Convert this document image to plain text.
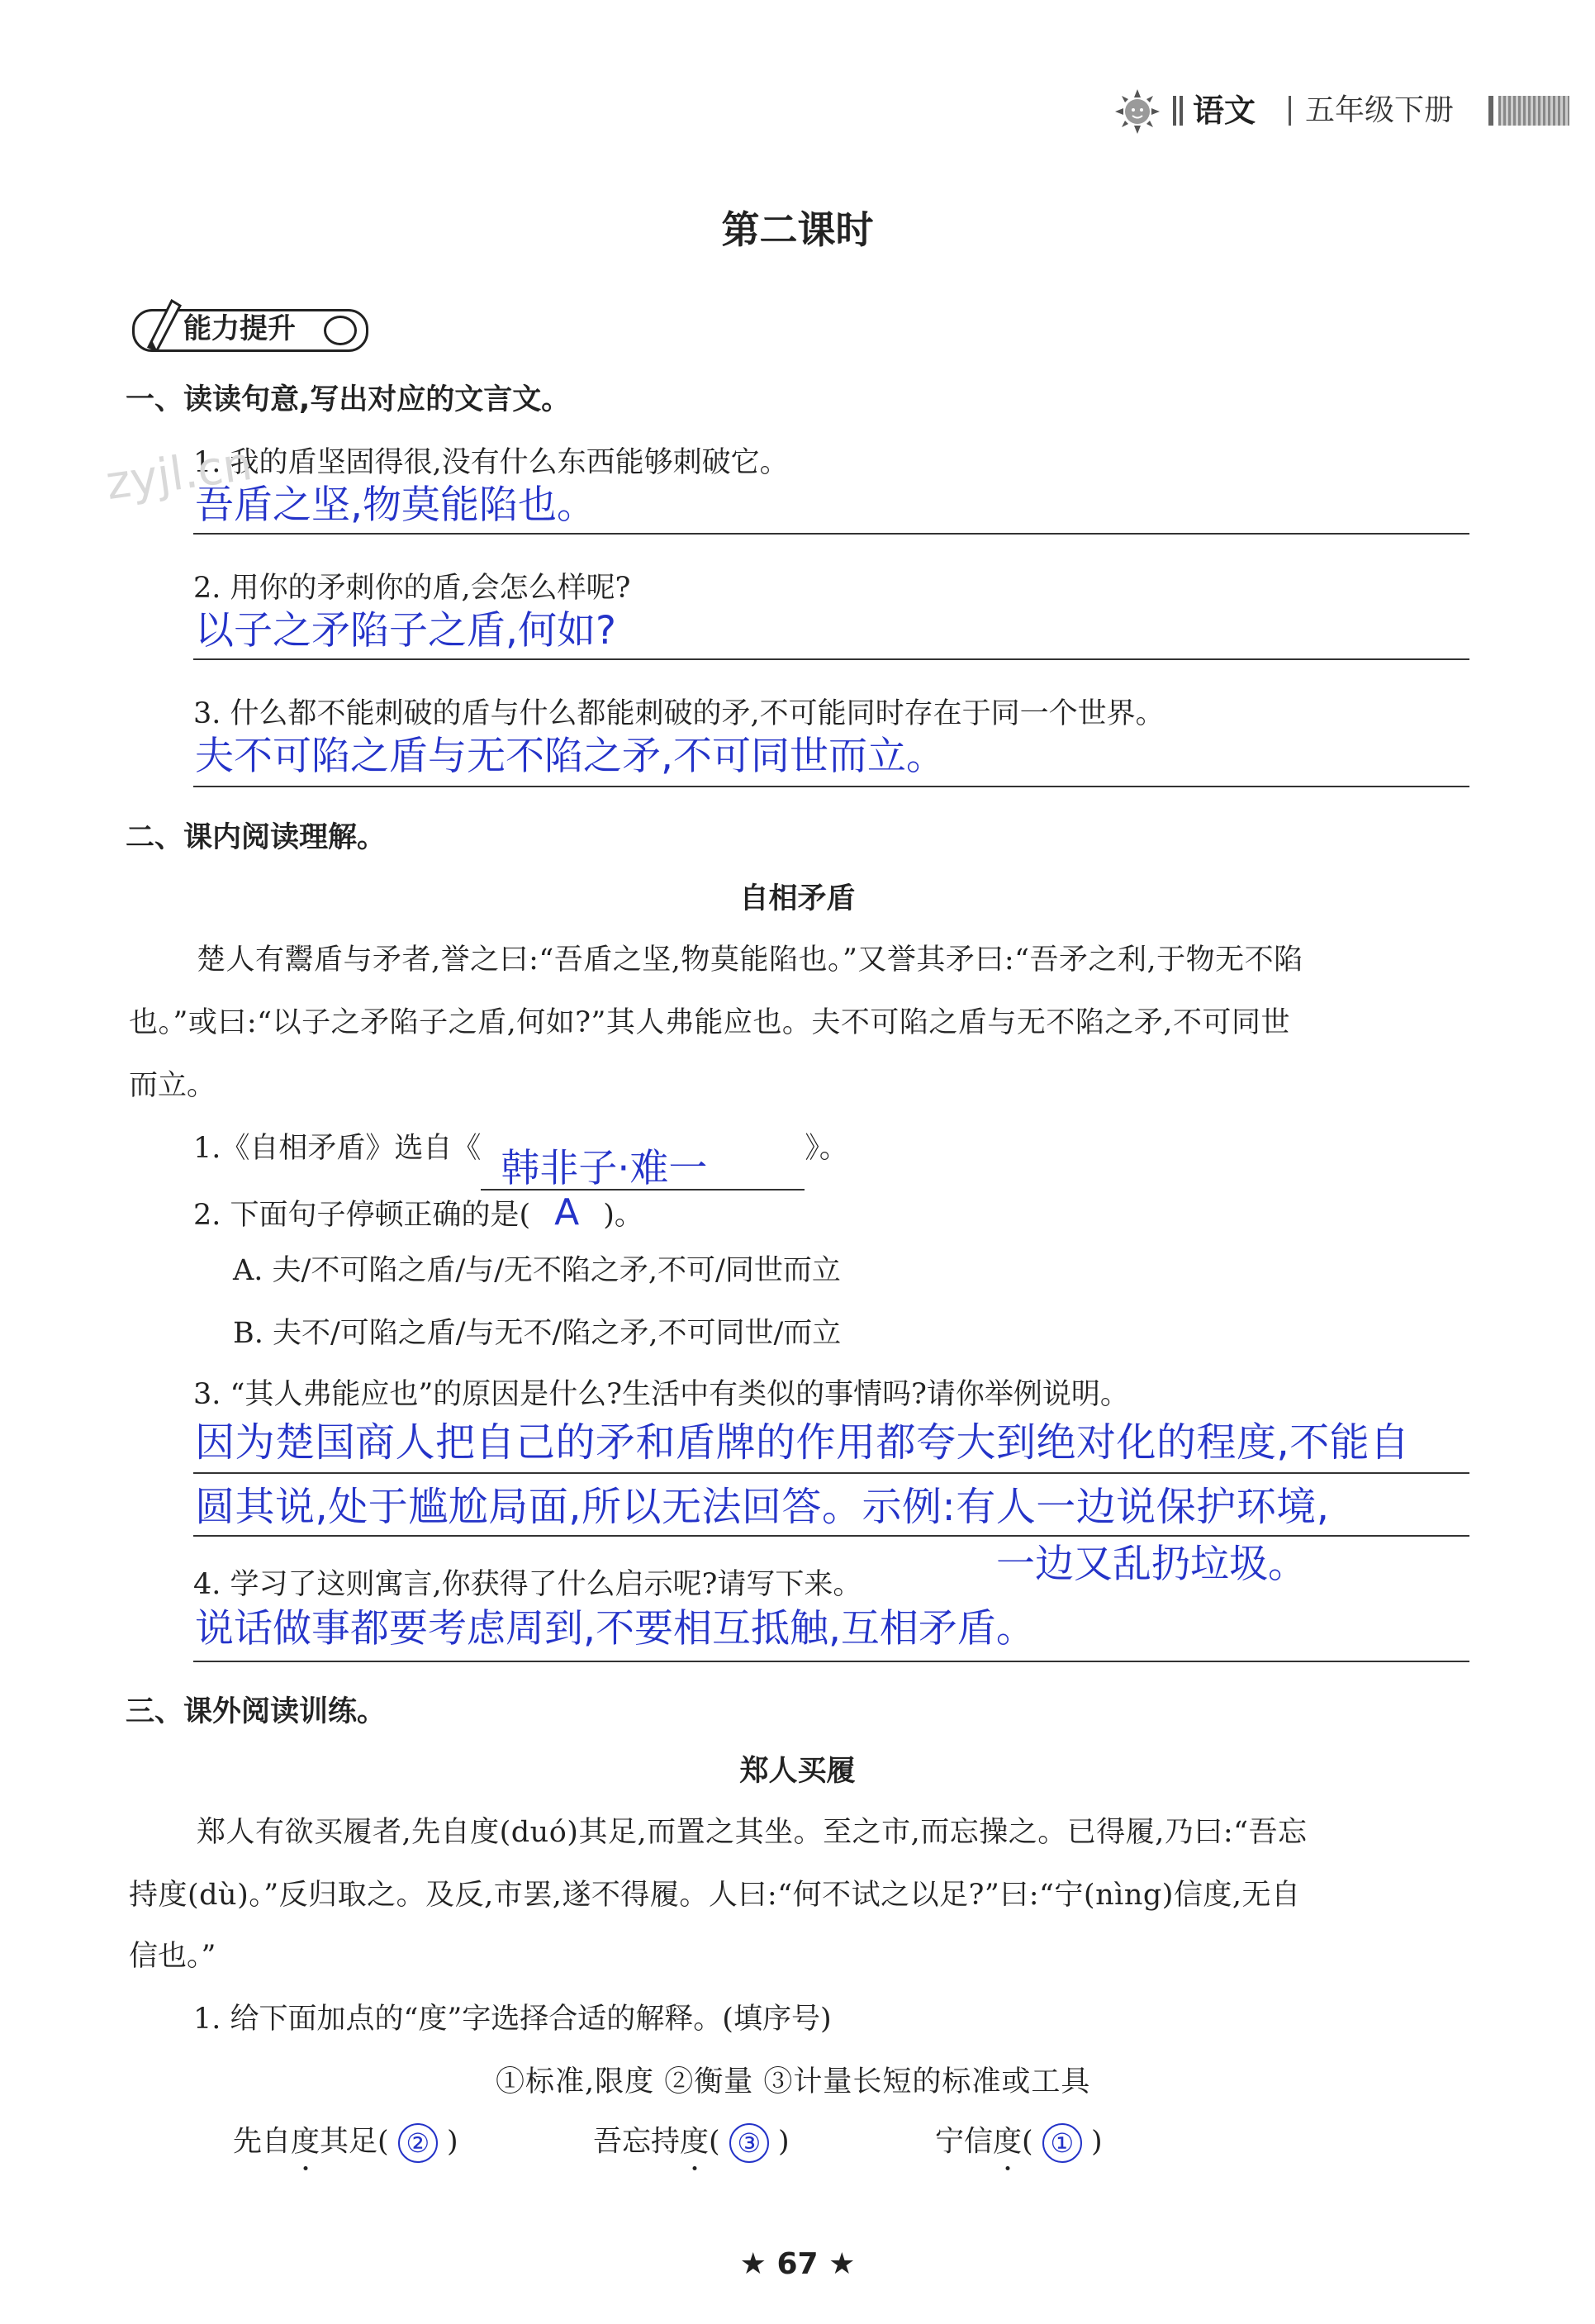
语文 五年级下册
第二课时
能力提升
一、读读句意,写出对应的文言文。
1. 我的盾坚固得很,没有什么东西能够刺破它。
zyjl.cn
吾盾之坚,物莫能陷也。
2. 用你的矛刺你的盾,会怎么样呢?
以子之矛陷子之盾,何如?
3. 什么都不能刺破的盾与什么都能刺破的矛,不可能同时存在于同一个世界。
夫不可陷之盾与无不陷之矛,不可同世而立。
二、课内阅读理解。
自相矛盾
楚人有鬻盾与矛者,誉之曰:“吾盾之坚,物莫能陷也。”又誉其矛曰:“吾矛之利,于物无不陷
也。”或曰:“以子之矛陷子之盾,何如?”其人弗能应也。夫不可陷之盾与无不陷之矛,不可同世
而立。
1.《自相矛盾》选自《 韩非子·难一	》。
2. 下面句子停顿正确的是( A )。
A. 夫/不可陷之盾/与/无不陷之矛,不可/同世而立
B. 夫不/可陷之盾/与无不/陷之矛,不可同世/而立
3. “其人弗能应也”的原因是什么?生活中有类似的事情吗?请你举例说明。
因为楚国商人把自己的矛和盾牌的作用都夸大到绝对化的程度,不能自
圆其说,处于尴尬局面,所以无法回答。示例:有人一边说保护环境,
一边又乱扔垃圾。
4. 学习了这则寓言,你获得了什么启示呢?请写下来。
说话做事都要考虑周到,不要相互抵触,互相矛盾。
三、课外阅读训练。
郑人买履
郑人有欲买履者,先自度(duó)其足,而置之其坐。至之市,而忘操之。已得履,乃曰:“吾忘
持度(dù)。”反归取之。及反,市罢,遂不得履。人曰:“何不试之以足?”曰:“宁(nìng)信度,无自
信也。”
1. 给下面加点的“度”字选择合适的解释。(填序号)
①标准,限度 ②衡量 ③计量长短的标准或工具
先自度其足( ② )	吾忘持度( ③ )	宁信度( ① )
★ 67 ★
